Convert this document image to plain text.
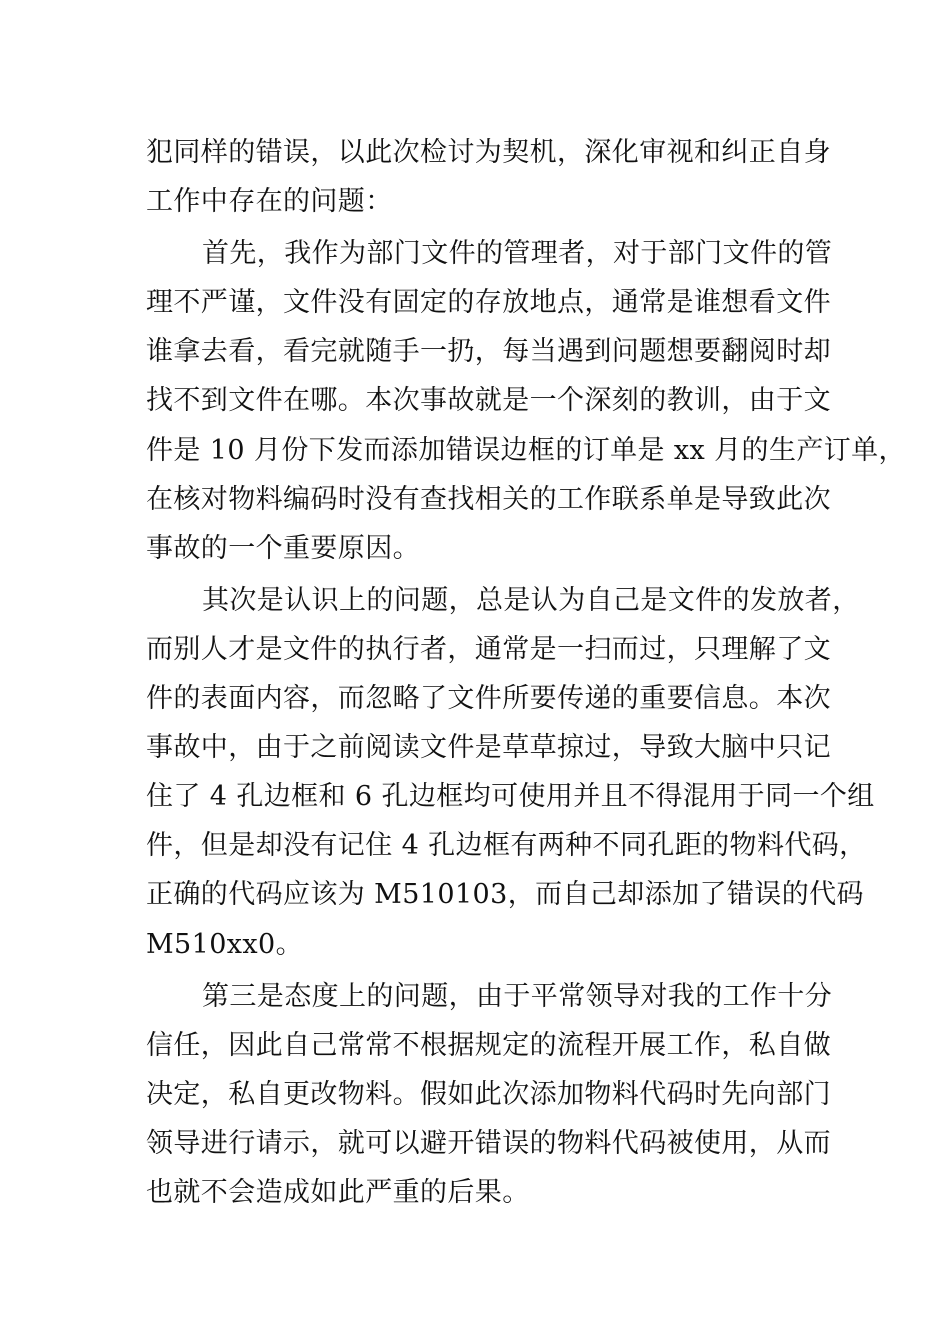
犯同样的错误，以此次检讨为契机，深化审视和纠正自身
工作中存在的问题：
首先，我作为部门文件的管理者，对于部门文件的管
理不严谨，文件没有固定的存放地点，通常是谁想看文件
谁拿去看，看完就随手一扔，每当遇到问题想要翻阅时却
找不到文件在哪。本次事故就是一个深刻的教训，由于文
件是 10 月份下发而添加错误边框的订单是 xx 月的生产订单，
在核对物料编码时没有查找相关的工作联系单是导致此次
事故的一个重要原因。
其次是认识上的问题，总是认为自己是文件的发放者，
而别人才是文件的执行者，通常是一扫而过，只理解了文
件的表面内容，而忽略了文件所要传递的重要信息。本次
事故中，由于之前阅读文件是草草掠过，导致大脑中只记
住了 4 孔边框和 6 孔边框均可使用并且不得混用于同一个组
件，但是却没有记住 4 孔边框有两种不同孔距的物料代码，
正确的代码应该为 M510103，而自己却添加了错误的代码
M510xx0。
第三是态度上的问题，由于平常领导对我的工作十分
信任，因此自己常常不根据规定的流程开展工作，私自做
决定，私自更改物料。假如此次添加物料代码时先向部门
领导进行请示，就可以避开错误的物料代码被使用，从而
也就不会造成如此严重的后果。
